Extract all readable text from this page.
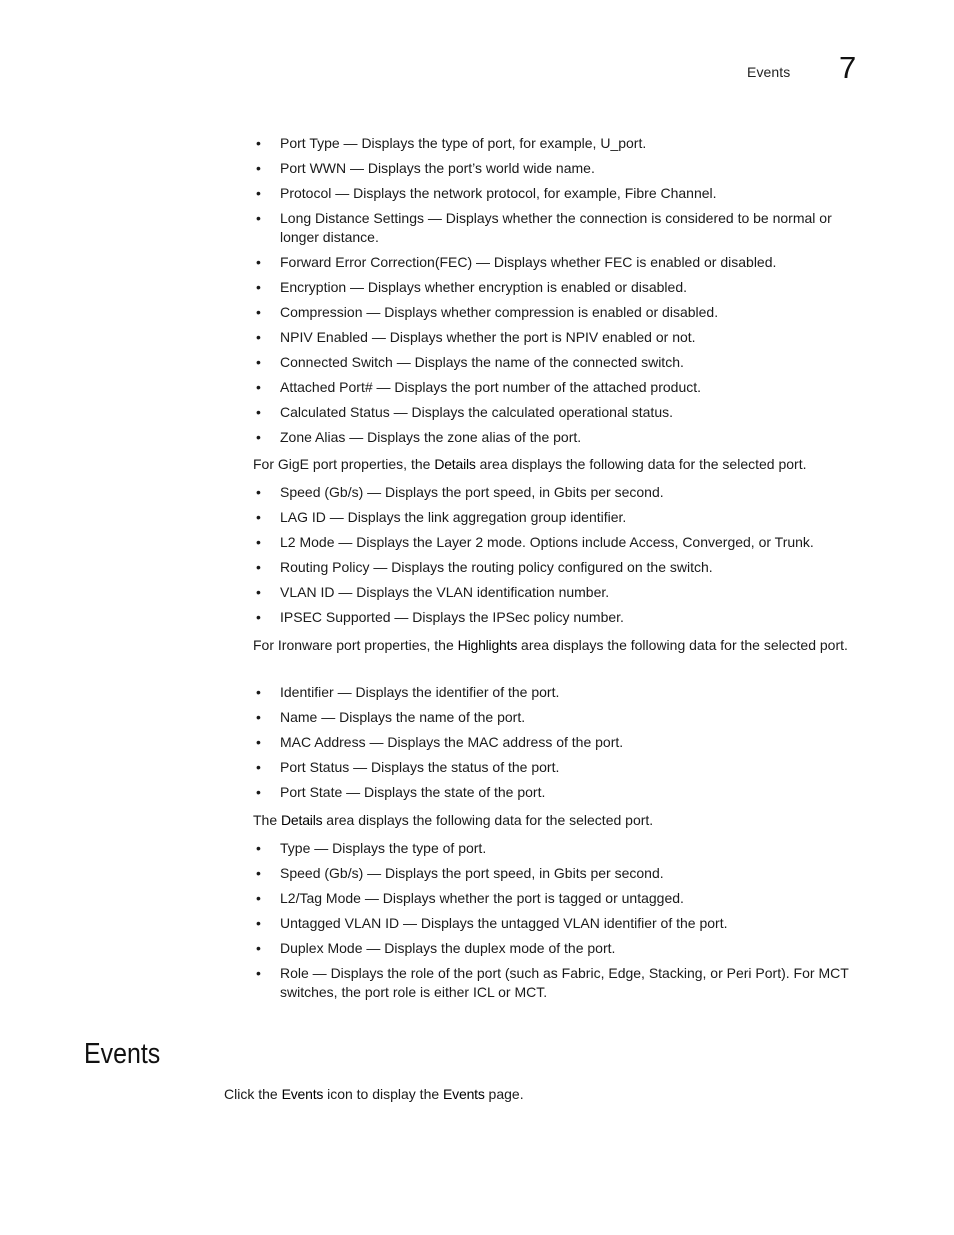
Events 7
• Port Type — Displays the type of port, for example, U_port.
• Port WWN — Displays the port’s world wide name.
• Protocol — Displays the network protocol, for example, Fibre Channel.
• Long Distance Settings — Displays whether the connection is considered to be normal or longer distance.
• Forward Error Correction(FEC) — Displays whether FEC is enabled or disabled.
• Encryption — Displays whether encryption is enabled or disabled.
• Compression — Displays whether compression is enabled or disabled.
• NPIV Enabled — Displays whether the port is NPIV enabled or not.
• Connected Switch — Displays the name of the connected switch.
• Attached Port# — Displays the port number of the attached product.
• Calculated Status — Displays the calculated operational status.
• Zone Alias — Displays the zone alias of the port.

For GigE port properties, the Details area displays the following data for the selected port.

• Speed (Gb/s) — Displays the port speed, in Gbits per second.
• LAG ID — Displays the link aggregation group identifier.
• L2 Mode — Displays the Layer 2 mode. Options include Access, Converged, or Trunk.
• Routing Policy — Displays the routing policy configured on the switch.
• VLAN ID — Displays the VLAN identification number.
• IPSEC Supported — Displays the IPSec policy number.

For Ironware port properties, the Highlights area displays the following data for the selected port.

• Identifier — Displays the identifier of the port.
• Name — Displays the name of the port.
• MAC Address — Displays the MAC address of the port.
• Port Status — Displays the status of the port.
• Port State — Displays the state of the port.

The Details area displays the following data for the selected port.

• Type — Displays the type of port.
• Speed (Gb/s) — Displays the port speed, in Gbits per second.
• L2/Tag Mode — Displays whether the port is tagged or untagged.
• Untagged VLAN ID — Displays the untagged VLAN identifier of the port.
• Duplex Mode — Displays the duplex mode of the port.
• Role — Displays the role of the port (such as Fabric, Edge, Stacking, or Peri Port). For MCT switches, the port role is either ICL or MCT.
Events

Click the Events icon to display the Events page.
